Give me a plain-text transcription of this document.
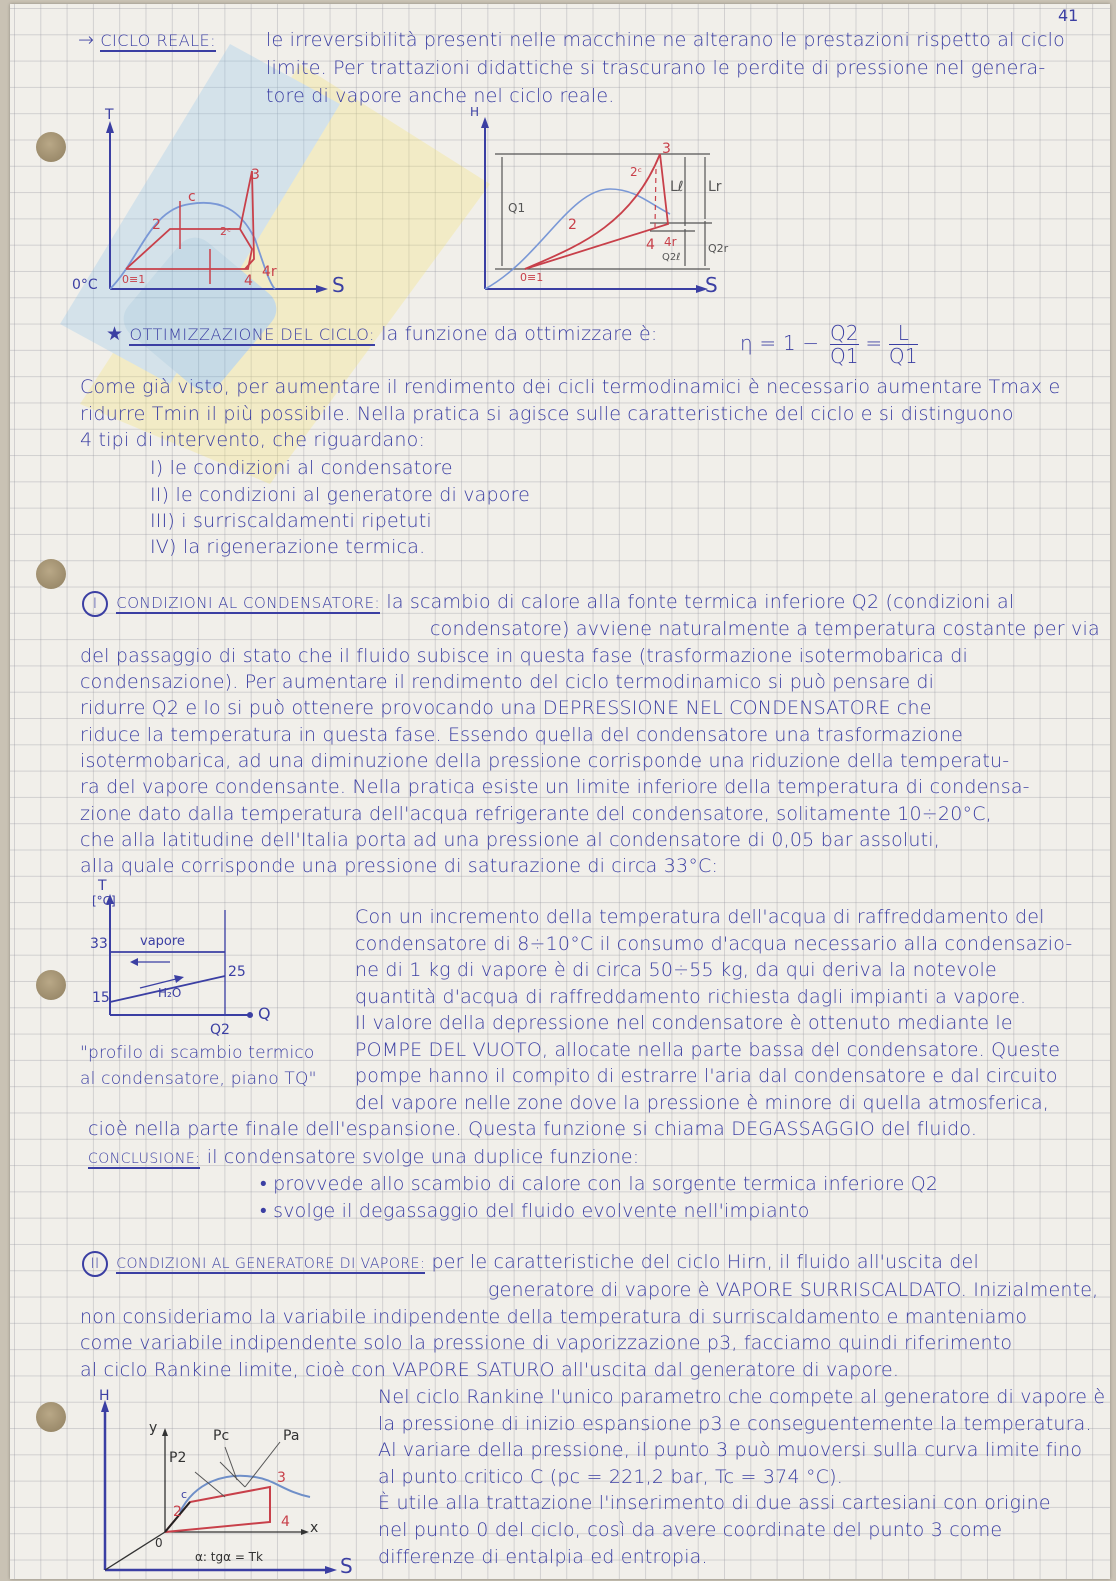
41
→ CICLO REALE:	le irreversibilità presenti nelle macchine ne alterano le prestazioni rispetto al ciclo
limite. Per trattazioni didattiche si trascurano le perdite di pressione nel genera-
tore di vapore anche nel ciclo reale.
T
S
0°C 0≡1
2
c
2ᶜ
3
4
4r
H
S
0≡1
2
2ᶜ
3
4 4r
Q1
Lℓ Lr
Q2ℓ
Q2r
★ OTTIMIZZAZIONE DEL CICLO: la funzione da ottimizzare è:	$\eta = 1 - \frac{Q2}{Q1} = \frac{L}{Q1}$
Come già visto, per aumentare il rendimento dei cicli termodinamici è necessario aumentare Tmax e
ridurre Tmin il più possibile. Nella pratica si agisce sulle caratteristiche del ciclo e si distinguono
4 tipi di intervento, che riguardano:
I) le condizioni al condensatore
II) le condizioni al generatore di vapore
III) i surriscaldamenti ripetuti
IV) la rigenerazione termica.
I CONDIZIONI AL CONDENSATORE: la scambio di calore alla fonte termica inferiore Q2 (condizioni al
condensatore) avviene naturalmente a temperatura costante per via
del passaggio di stato che il fluido subisce in questa fase (trasformazione isotermobarica di
condensazione). Per aumentare il rendimento del ciclo termodinamico si può pensare di
ridurre Q2 e lo si può ottenere provocando una DEPRESSIONE NEL CONDENSATORE che
riduce la temperatura in questa fase. Essendo quella del condensatore una trasformazione
isotermobarica, ad una diminuzione della pressione corrisponde una riduzione della temperatu-
ra del vapore condensante. Nella pratica esiste un limite inferiore della temperatura di condensa-
zione dato dalla temperatura dell'acqua refrigerante del condensatore, solitamente 10÷20°C,
che alla latitudine dell'Italia porta ad una pressione al condensatore di 0,05 bar assoluti,
alla quale corrisponde una pressione di saturazione di circa 33°C:
T
[°C]
33 vapore
25
15	H₂O
Q
Q2
"profilo di scambio termico
al condensatore, piano TQ"
Con un incremento della temperatura dell'acqua di raffreddamento del
condensatore di 8÷10°C il consumo d'acqua necessario alla condensazio-
ne di 1 kg di vapore è di circa 50÷55 kg, da qui deriva la notevole
quantità d'acqua di raffreddamento richiesta dagli impianti a vapore.
Il valore della depressione nel condensatore è ottenuto mediante le
POMPE DEL VUOTO, allocate nella parte bassa del condensatore. Queste
pompe hanno il compito di estrarre l'aria dal condensatore e dal circuito
del vapore nelle zone dove la pressione è minore di quella atmosferica,
cioè nella parte finale dell'espansione. Questa funzione si chiama DEGASSAGGIO del fluido.
CONCLUSIONE: il condensatore svolge una duplice funzione:
• provvede allo scambio di calore con la sorgente termica inferiore Q2
• svolge il degassaggio del fluido evolvente nell'impianto
II CONDIZIONI AL GENERATORE DI VAPORE: per le caratteristiche del ciclo Hirn, il fluido all'uscita del
generatore di vapore è VAPORE SURRISCALDATO. Inizialmente,
non consideriamo la variabile indipendente della temperatura di surriscaldamento e manteniamo
come variabile indipendente solo la pressione di vaporizzazione p3, facciamo quindi riferimento
al ciclo Rankine limite, cioè con VAPORE SATURO all'uscita dal generatore di vapore.
H
S
y
x
0
2
3
4
c
P2
Pc	Pa
α: tgα = Tk
Nel ciclo Rankine l'unico parametro che compete al generatore di vapore è
la pressione di inizio espansione p3 e conseguentemente la temperatura.
Al variare della pressione, il punto 3 può muoversi sulla curva limite fino
al punto critico C (pc = 221,2 bar, Tc = 374 °C).
È utile alla trattazione l'inserimento di due assi cartesiani con origine
nel punto 0 del ciclo, così da avere coordinate del punto 3 come
differenze di entalpia ed entropia.
